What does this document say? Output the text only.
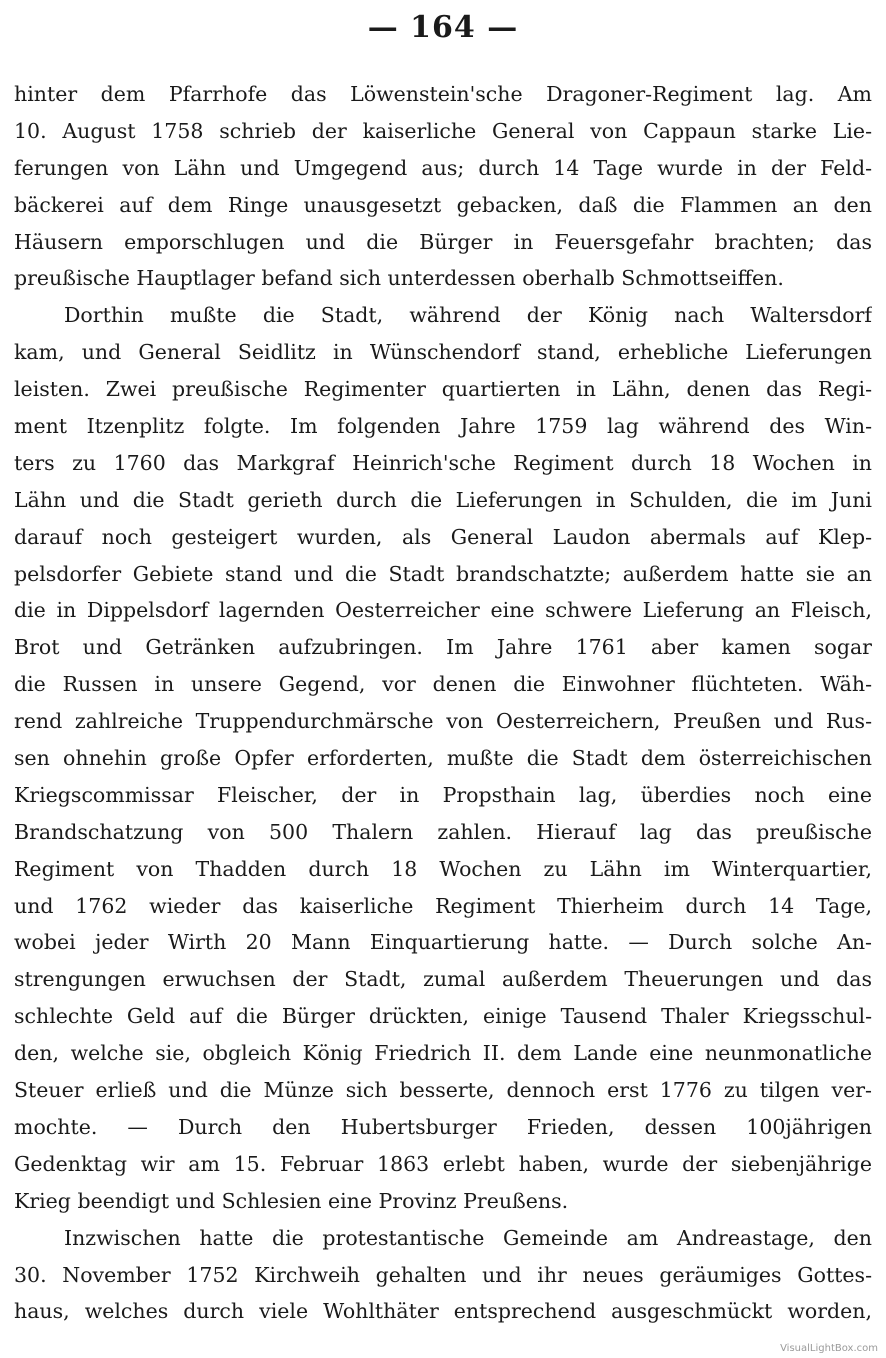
— 164 —
hinter dem Pfarrhofe das Löwenstein'sche Dragoner-Regiment lag. Am
10. August 1758 schrieb der kaiserliche General von Cappaun starke Lie-
ferungen von Lähn und Umgegend aus; durch 14 Tage wurde in der Feld-
bäckerei auf dem Ringe unausgesetzt gebacken, daß die Flammen an den
Häusern emporschlugen und die Bürger in Feuersgefahr brachten; das
preußische Hauptlager befand sich unterdessen oberhalb Schmottseiffen.
Dorthin mußte die Stadt, während der König nach Waltersdorf
kam, und General Seidlitz in Wünschendorf stand, erhebliche Lieferungen
leisten. Zwei preußische Regimenter quartierten in Lähn, denen das Regi-
ment Itzenplitz folgte. Im folgenden Jahre 1759 lag während des Win-
ters zu 1760 das Markgraf Heinrich'sche Regiment durch 18 Wochen in
Lähn und die Stadt gerieth durch die Lieferungen in Schulden, die im Juni
darauf noch gesteigert wurden, als General Laudon abermals auf Klep-
pelsdorfer Gebiete stand und die Stadt brandschatzte; außerdem hatte sie an
die in Dippelsdorf lagernden Oesterreicher eine schwere Lieferung an Fleisch,
Brot und Getränken aufzubringen. Im Jahre 1761 aber kamen sogar
die Russen in unsere Gegend, vor denen die Einwohner flüchteten. Wäh-
rend zahlreiche Truppendurchmärsche von Oesterreichern, Preußen und Rus-
sen ohnehin große Opfer erforderten, mußte die Stadt dem österreichischen
Kriegscommissar Fleischer, der in Propsthain lag, überdies noch eine
Brandschatzung von 500 Thalern zahlen. Hierauf lag das preußische
Regiment von Thadden durch 18 Wochen zu Lähn im Winterquartier,
und 1762 wieder das kaiserliche Regiment Thierheim durch 14 Tage,
wobei jeder Wirth 20 Mann Einquartierung hatte. — Durch solche An-
strengungen erwuchsen der Stadt, zumal außerdem Theuerungen und das
schlechte Geld auf die Bürger drückten, einige Tausend Thaler Kriegsschul-
den, welche sie, obgleich König Friedrich II. dem Lande eine neunmonatliche
Steuer erließ und die Münze sich besserte, dennoch erst 1776 zu tilgen ver-
mochte. — Durch den Hubertsburger Frieden, dessen 100jährigen
Gedenktag wir am 15. Februar 1863 erlebt haben, wurde der siebenjährige
Krieg beendigt und Schlesien eine Provinz Preußens.
Inzwischen hatte die protestantische Gemeinde am Andreastage, den
30. November 1752 Kirchweih gehalten und ihr neues geräumiges Gottes-
haus, welches durch viele Wohlthäter entsprechend ausgeschmückt worden,
VisualLightBox.com
